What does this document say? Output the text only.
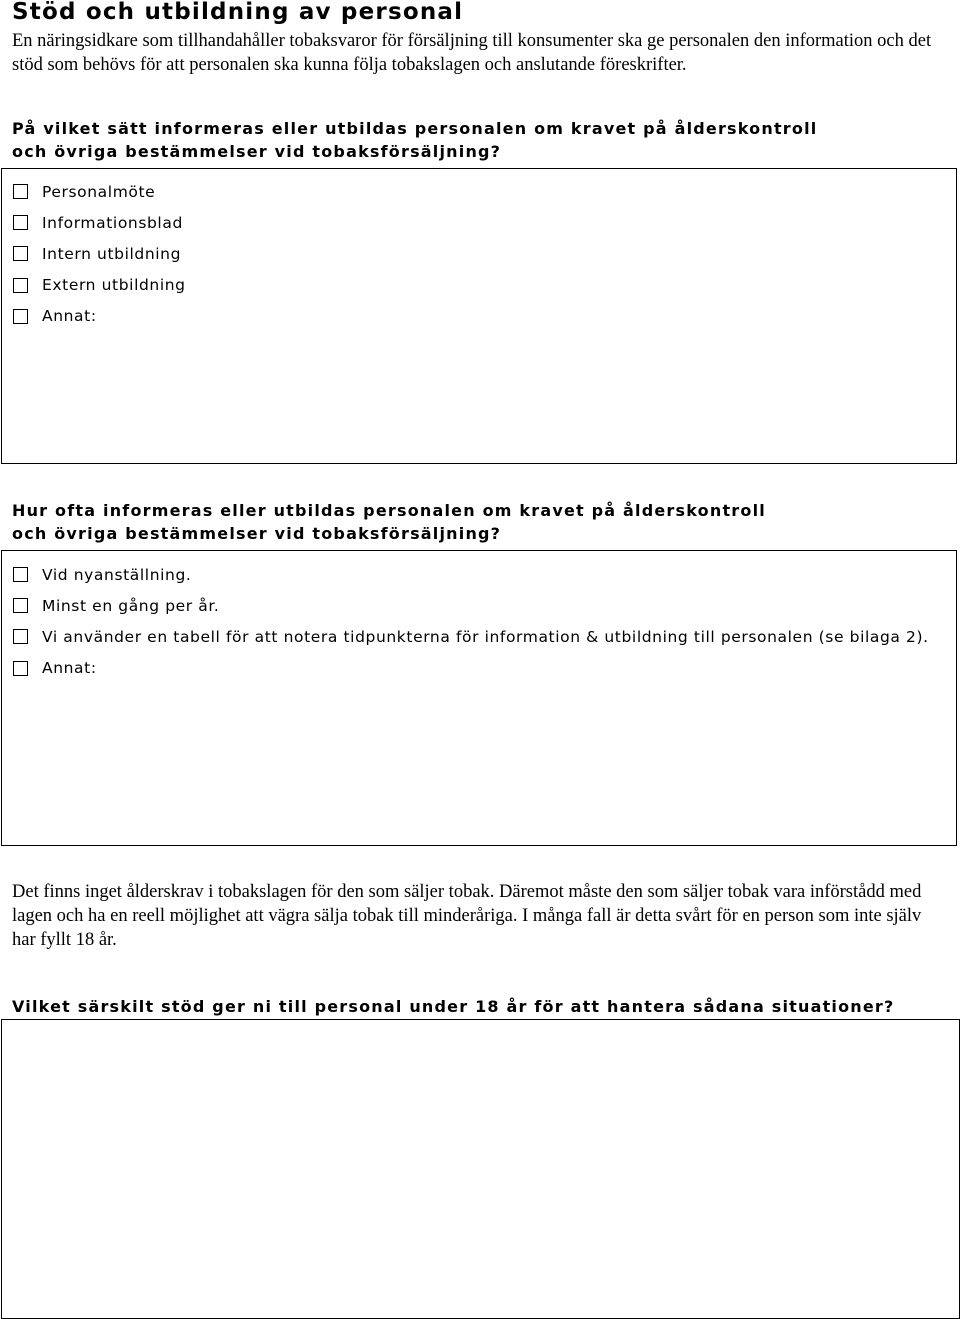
Stöd och utbildning av personal

En näringsidkare som tillhandahåller tobaksvaror för försäljning till konsumenter ska ge personalen den information och det stöd som behövs för att personalen ska kunna följa tobakslagen och anslutande föreskrifter.

På vilket sätt informeras eller utbildas personalen om kravet på ålderskontroll
och övriga bestämmelser vid tobaksförsäljning?

Personalmöte
Informationsblad
Intern utbildning
Extern utbildning
Annat:

Hur ofta informeras eller utbildas personalen om kravet på ålderskontroll
och övriga bestämmelser vid tobaksförsäljning?

Vid nyanställning.
Minst en gång per år.
Vi använder en tabell för att notera tidpunkterna för information & utbildning till personalen (se bilaga 2).
Annat:

Det finns inget ålderskrav i tobakslagen för den som säljer tobak. Däremot måste den som säljer tobak vara införstådd med lagen och ha en reell möjlighet att vägra sälja tobak till minderåriga. I många fall är detta svårt för en person som inte själv har fyllt 18 år.

Vilket särskilt stöd ger ni till personal under 18 år för att hantera sådana situationer?
